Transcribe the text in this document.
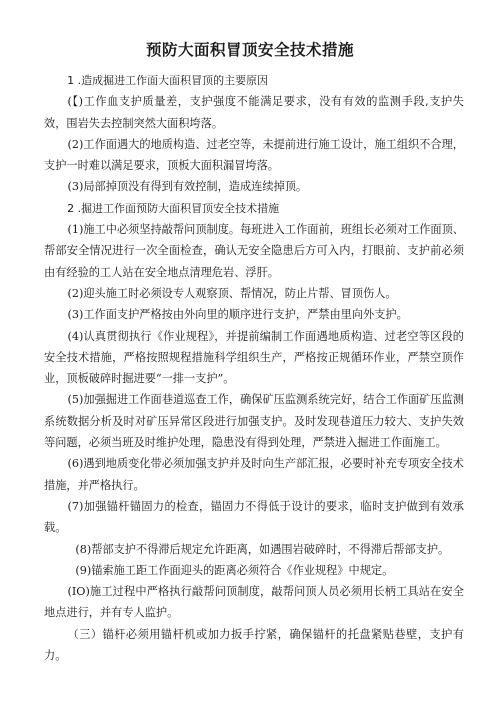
预防大面积冒顶安全技术措施

1 .造成掘进工作面大面积冒顶的主要原因

(【)工作血支护质量差，支护强度不能满足要求，没有有效的监测手段,支护失效，围岩失去控制突然大面积垮落。

(2)工作面遇大的地质构造、过老空等，未提前进行施工设计，施工组织不合理，支护一时难以满足要求，顶板大面积漏冒垮落。

(3)局部掉顶没有得到有效控制，造成连续掉顶。

2 .掘进工作面预防大面积冒顶安全技术措施

(1)施工中必须坚持敲帮问顶制度。每班进入工作面前，班组长必须对工作面顶、帮部安全情况进行一次全面检查，确认无安全隐患后方可入内，打眼前、支护前必须由有经验的工人站在安全地点清理危岩、浮肝。

(2)迎头施工时必须设专人观察顶、帮情况，防止片帮、冒顶伤人。

(3)工作面支护严格按由外向里的顺序进行支护，严禁由里向外支护。

(4)认真贯彻执行《作业规程》，并提前编制工作面遇地质构造、过老空等区段的安全技术措施，严格按照规程措施科学组织生产，严格按正规循环作业，严禁空顶作业，顶板破碎时掘进要“一排一支护”。

(5)加强掘进工作面巷道巡查工作，确保矿压监测系统完好，结合工作面矿压监测系统数据分析及时对矿压异常区段进行加强支护。及时发现巷道压力较大、支护失效等问题，必须当班及时维护处理，隐患没有得到处理，严禁进入掘进工作面施工。

(6)遇到地质变化带必须加强支护并及时向生产部汇报，必要时补充专项安全技术措施，并严格执行。

(7)加强锚杆锚固力的检查，锚固力不得低于设计的要求，临时支护做到有效承载。

(8)帮部支护不得滞后规定允许距离，如遇围岩破碎时，不得滞后帮部支护。

(9)锚索施工距工作面迎头的距离必须符合《作业规程》中规定。

(IO)施工过程中严格执行敲帮问顶制度，敲帮问顶人员必须用长柄工具站在安全地点进行，并有专人监护。

（三）锚杆必须用锚杆机或加力扳手拧紧，确保锚杆的托盘紧贴巷壁，支护有力。
